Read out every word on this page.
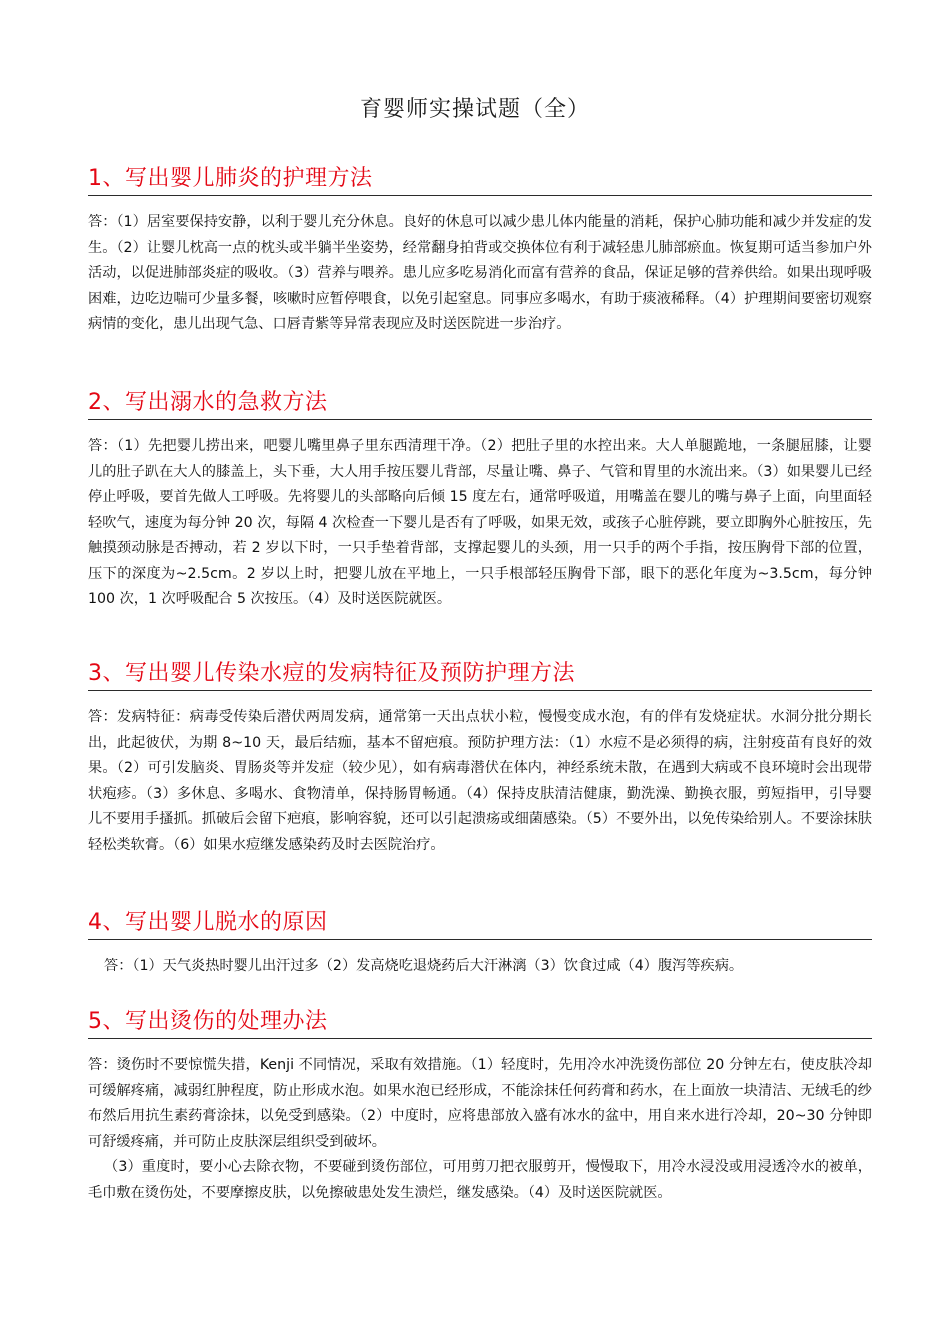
育婴师实操试题（全）
1、写出婴儿肺炎的护理方法
答：（1）居室要保持安静，以利于婴儿充分休息。良好的休息可以减少患儿体内能量的消耗，保护心肺功能和减少并发症的发生。（2）让婴儿枕高一点的枕头或半躺半坐姿势，经常翻身拍背或交换体位有利于减轻患儿肺部瘀血。恢复期可适当参加户外活动，以促进肺部炎症的吸收。（3）营养与喂养。患儿应多吃易消化而富有营养的食品，保证足够的营养供给。如果出现呼吸困难，边吃边喘可少量多餐，咳嗽时应暂停喂食，以免引起窒息。同事应多喝水，有助于痰液稀释。（4）护理期间要密切观察病情的变化，患儿出现气急、口唇青紫等异常表现应及时送医院进一步治疗。
2、写出溺水的急救方法
答：（1）先把婴儿捞出来，吧婴儿嘴里鼻子里东西清理干净。（2）把肚子里的水控出来。大人单腿跪地，一条腿屈膝，让婴儿的肚子趴在大人的膝盖上，头下垂，大人用手按压婴儿背部，尽量让嘴、鼻子、气管和胃里的水流出来。（3）如果婴儿已经停止呼吸，要首先做人工呼吸。先将婴儿的头部略向后倾 15 度左右，通常呼吸道，用嘴盖在婴儿的嘴与鼻子上面，向里面轻轻吹气，速度为每分钟 20 次，每隔 4 次检查一下婴儿是否有了呼吸，如果无效，或孩子心脏停跳，要立即胸外心脏按压，先触摸颈动脉是否搏动，若 2 岁以下时，一只手垫着背部，支撑起婴儿的头颈，用一只手的两个手指，按压胸骨下部的位置，压下的深度为~2.5cm。2 岁以上时，把婴儿放在平地上，一只手根部轻压胸骨下部，眼下的恶化年度为~3.5cm，每分钟 100 次，1 次呼吸配合 5 次按压。（4）及时送医院就医。
3、写出婴儿传染水痘的发病特征及预防护理方法
答：发病特征：病毒受传染后潜伏两周发病，通常第一天出点状小粒，慢慢变成水泡，有的伴有发烧症状。水洞分批分期长出，此起彼伏，为期 8~10 天，最后结痂，基本不留疤痕。预防护理方法：（1）水痘不是必须得的病，注射疫苗有良好的效果。（2）可引发脑炎、胃肠炎等并发症（较少见），如有病毒潜伏在体内，神经系统未散，在遇到大病或不良环境时会出现带状疱疹。（3）多休息、多喝水、食物清单，保持肠胃畅通。（4）保持皮肤清洁健康，勤洗澡、勤换衣服，剪短指甲，引导婴儿不要用手搔抓。抓破后会留下疤痕，影响容貌，还可以引起溃疡或细菌感染。（5）不要外出，以免传染给别人。不要涂抹肤轻松类软膏。（6）如果水痘继发感染药及时去医院治疗。
4、写出婴儿脱水的原因
答：（1）天气炎热时婴儿出汗过多（2）发高烧吃退烧药后大汗淋漓（3）饮食过咸（4）腹泻等疾病。
5、写出烫伤的处理办法
答：烫伤时不要惊慌失措，Kenji 不同情况，采取有效措施。（1）轻度时，先用冷水冲洗烫伤部位 20 分钟左右，使皮肤冷却可缓解疼痛，减弱红肿程度，防止形成水泡。如果水泡已经形成，不能涂抹任何药膏和药水，在上面放一块清洁、无绒毛的纱布然后用抗生素药膏涂抹，以免受到感染。（2）中度时，应将患部放入盛有冰水的盆中，用自来水进行冷却，20~30 分钟即可舒缓疼痛，并可防止皮肤深层组织受到破坏。
（3）重度时，要小心去除衣物，不要碰到烫伤部位，可用剪刀把衣服剪开，慢慢取下，用冷水浸没或用浸透冷水的被单，毛巾敷在烫伤处，不要摩擦皮肤，以免擦破患处发生溃烂，继发感染。（4）及时送医院就医。
